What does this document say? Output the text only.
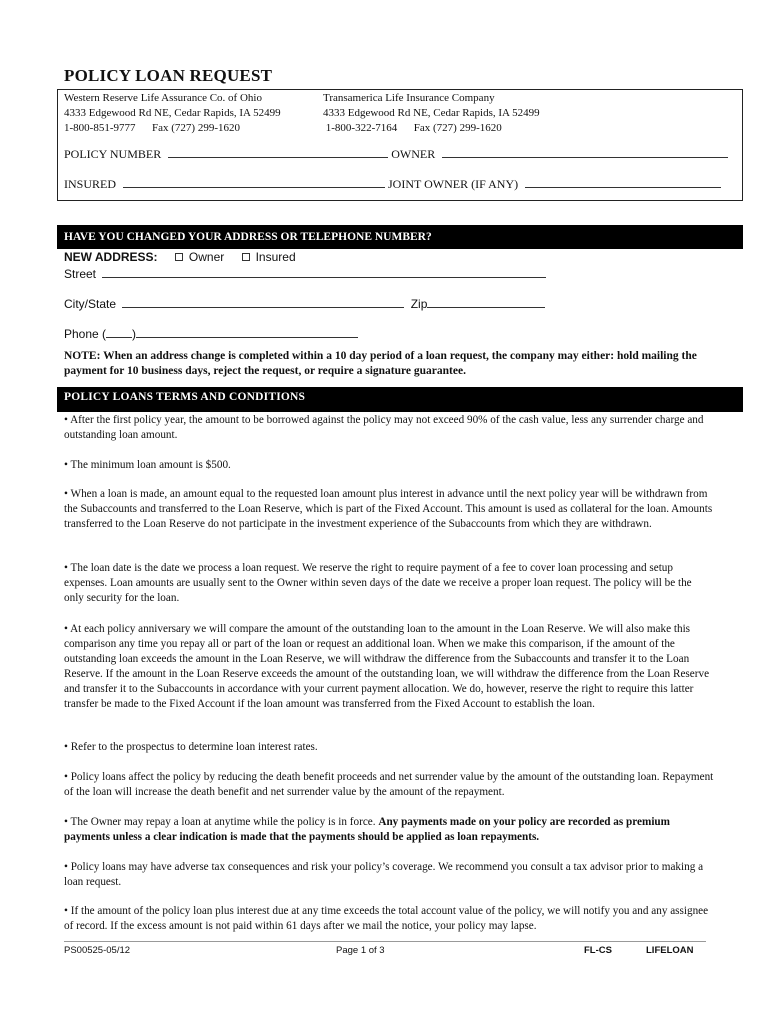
POLICY LOAN REQUEST
Western Reserve Life Assurance Co. of Ohio
4333 Edgewood Rd NE, Cedar Rapids, IA 52499
1-800-851-9777      Fax (727) 299-1620
Transamerica Life Insurance Company
4333 Edgewood Rd NE, Cedar Rapids, IA 52499
1-800-322-7164      Fax (727) 299-1620
POLICY NUMBER	OWNER
INSURED	JOINT OWNER (IF ANY)
HAVE YOU CHANGED YOUR ADDRESS OR TELEPHONE NUMBER?
NEW ADDRESS:	Owner	Insured
Street
City/State	Zip
Phone ( )
NOTE: When an address change is completed within a 10 day period of a loan request, the company may either: hold mailing the payment for 10 business days, reject the request, or require a signature guarantee.
POLICY LOANS TERMS AND CONDITIONS

• After the first policy year, the amount to be borrowed against the policy may not exceed 90% of the cash value, less any surrender charge and outstanding loan amount.

• The minimum loan amount is $500.

• When a loan is made, an amount equal to the requested loan amount plus interest in advance until the next policy year will be withdrawn from the Subaccounts and transferred to the Loan Reserve, which is part of the Fixed Account. This amount is used as collateral for the loan. Amounts transferred to the Loan Reserve do not participate in the investment experience of the Subaccounts from which they are withdrawn.

• The loan date is the date we process a loan request. We reserve the right to require payment of a fee to cover loan processing and setup expenses. Loan amounts are usually sent to the Owner within seven days of the date we receive a proper loan request. The policy will be the only security for the loan.

• At each policy anniversary we will compare the amount of the outstanding loan to the amount in the Loan Reserve. We will also make this comparison any time you repay all or part of the loan or request an additional loan. When we make this comparison, if the amount of the outstanding loan exceeds the amount in the Loan Reserve, we will withdraw the difference from the Subaccounts and transfer it to the Loan Reserve. If the amount in the Loan Reserve exceeds the amount of the outstanding loan, we will withdraw the difference from the Loan Reserve and transfer it to the Subaccounts in accordance with your current payment allocation. We do, however, reserve the right to require this latter transfer be made to the Fixed Account if the loan amount was transferred from the Fixed Account to establish the loan.

• Refer to the prospectus to determine loan interest rates.

• Policy loans affect the policy by reducing the death benefit proceeds and net surrender value by the amount of the outstanding loan. Repayment of the loan will increase the death benefit and net surrender value by the amount of the repayment.

• The Owner may repay a loan at anytime while the policy is in force. Any payments made on your policy are recorded as premium payments unless a clear indication is made that the payments should be applied as loan repayments.

• Policy loans may have adverse tax consequences and risk your policy’s coverage. We recommend you consult a tax advisor prior to making a loan request.

• If the amount of the policy loan plus interest due at any time exceeds the total account value of the policy, we will notify you and any assignee of record. If the excess amount is not paid within 61 days after we mail the notice, your policy may lapse.

PS00525-05/12	Page 1 of 3	FL-CS	LIFELOAN
